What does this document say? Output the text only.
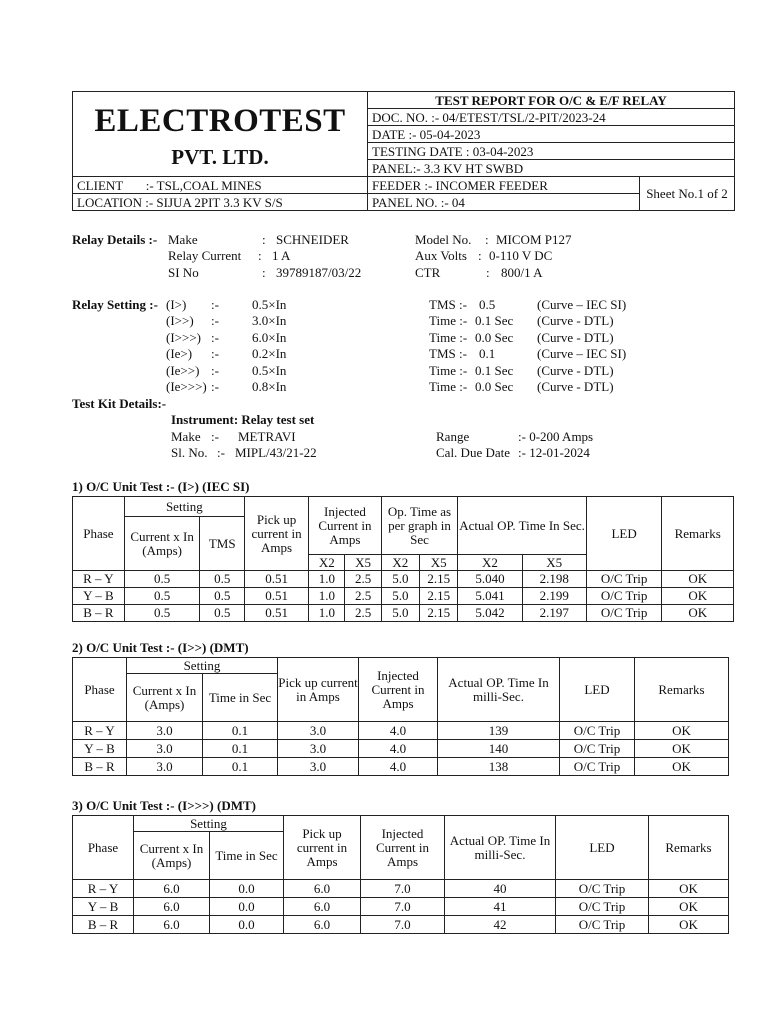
ELECTROTEST
PVT. LTD.	TEST REPORT FOR O/C & E/F RELAY	
	DOC. NO. :- 04/ETEST/TSL/2-PIT/2023-24	
	DATE :- 05-04-2023	
	TESTING DATE : 03-04-2023	
	PANEL:- 3.3 KV HT SWBD	
CLIENT       :- TSL,COAL MINES	FEEDER :- INCOMER FEEDER	Sheet No.1 of 2
LOCATION :- SIJUA 2PIT 3.3 KV S/S	PANEL NO. :- 04	
Relay Details :- Make	: SCHNEIDER	Model No. : MICOM P127
Relay Current : 1 A	Aux Volts : 0-110 V DC
SI No	: 39789187/03/22	CTR	: 800/1 A
Relay Setting :- (I>) :-	0.5×In	TMS :- 0.5	(Curve – IEC SI)
(I>>) :-	3.0×In	Time :- 0.1 Sec (Curve - DTL)
(I>>>) :-	6.0×In	Time :- 0.0 Sec (Curve - DTL)
(Ie>) :-	0.2×In	TMS :- 0.1	(Curve – IEC SI)
(Ie>>) :-	0.5×In	Time :- 0.1 Sec (Curve - DTL)
(Ie>>>) :-	0.8×In	Time :- 0.0 Sec (Curve - DTL)
Test Kit Details:-
Instrument: Relay test set
Make :- METRAVI	Range	:- 0-200 Amps
Sl. No. :- MIPL/43/21-22	Cal. Due Date :- 12-01-2024
1) O/C Unit Test :- (I>) (IEC SI)
Phase	Setting		Pick up current in Amps	Injected Current in Amps		Op. Time as per graph in Sec		Actual OP. Time In Sec.		LED	Remarks
	Current x In (Amps)	TMS									
				X2	X5	X2	X5	X2	X5		
R – Y	0.5	0.5	0.51	1.0	2.5	5.0	2.15	5.040	2.198	O/C Trip	OK
Y – B	0.5	0.5	0.51	1.0	2.5	5.0	2.15	5.041	2.199	O/C Trip	OK
B – R	0.5	0.5	0.51	1.0	2.5	5.0	2.15	5.042	2.197	O/C Trip	OK
2) O/C Unit Test :- (I>>) (DMT)
Phase	Setting		Pick up current in Amps	Injected Current in Amps	Actual OP. Time In milli-Sec.	LED	Remarks
	Current x In (Amps)	Time in Sec					
R – Y	3.0	0.1	3.0	4.0	139	O/C Trip	OK
Y – B	3.0	0.1	3.0	4.0	140	O/C Trip	OK
B – R	3.0	0.1	3.0	4.0	138	O/C Trip	OK
3) O/C Unit Test :- (I>>>) (DMT)
Phase	Setting		Pick up current in Amps	Injected Current in Amps	Actual OP. Time In milli-Sec.	LED	Remarks
	Current x In (Amps)	Time in Sec					
R – Y	6.0	0.0	6.0	7.0	40	O/C Trip	OK
Y – B	6.0	0.0	6.0	7.0	41	O/C Trip	OK
B – R	6.0	0.0	6.0	7.0	42	O/C Trip	OK
